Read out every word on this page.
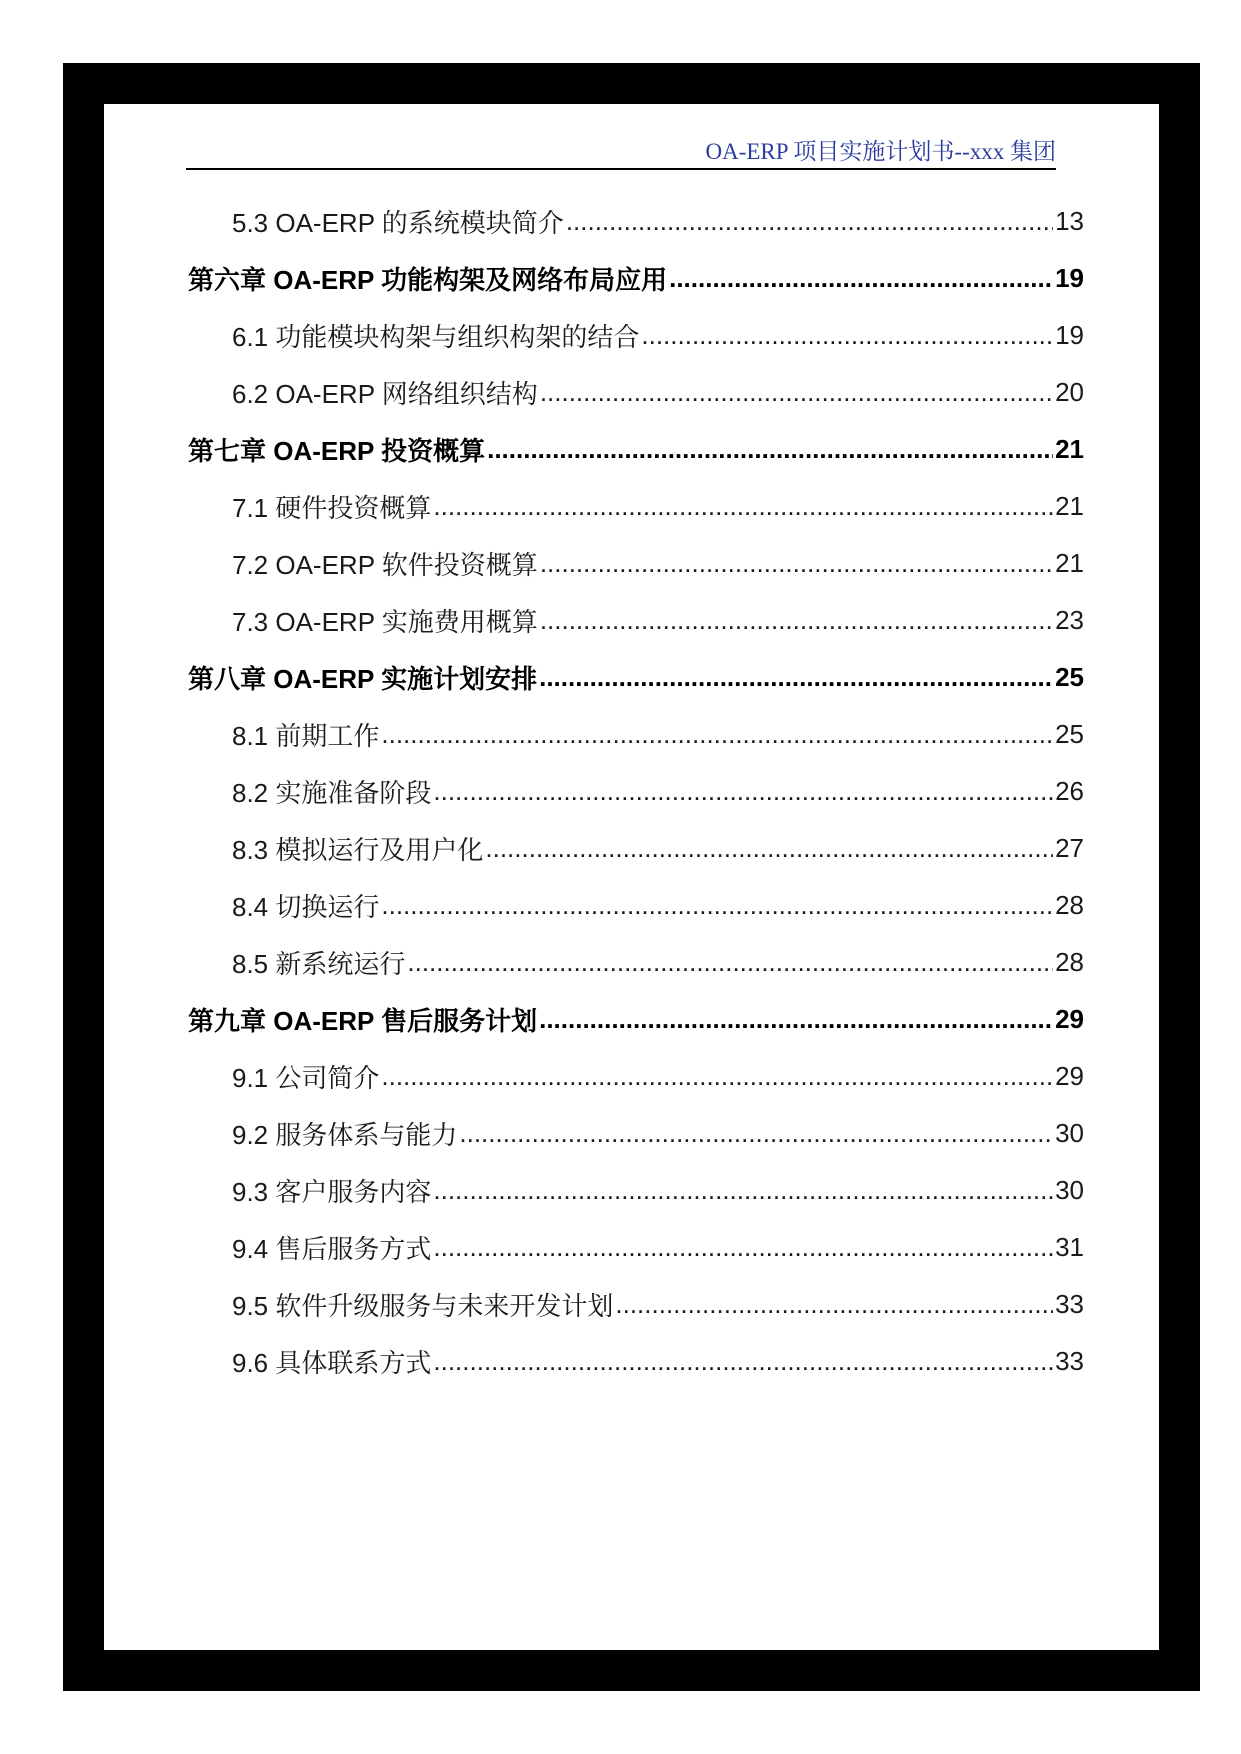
OA-ERP 项目实施计划书--xxx 集团
5.3 OA-ERP 的系统模块简介 .....	13
第六章 OA-ERP 功能构架及网络布局应用 .....	19
6.1 功能模块构架与组织构架的结合 .....	19
6.2 OA-ERP 网络组织结构 .....	20
第七章 OA-ERP 投资概算 .....	21
7.1 硬件投资概算 .....	21
7.2 OA-ERP 软件投资概算 .....	21
7.3 OA-ERP 实施费用概算 .....	23
第八章 OA-ERP 实施计划安排 .....	25
8.1 前期工作 .....	25
8.2 实施准备阶段 .....	26
8.3 模拟运行及用户化 .....	27
8.4 切换运行 .....	28
8.5 新系统运行 .....	28
第九章 OA-ERP 售后服务计划 .....	29
9.1 公司简介 .....	29
9.2 服务体系与能力 .....	30
9.3 客户服务内容 .....	30
9.4 售后服务方式 .....	31
9.5 软件升级服务与未来开发计划 .....	33
9.6 具体联系方式 .....	33
